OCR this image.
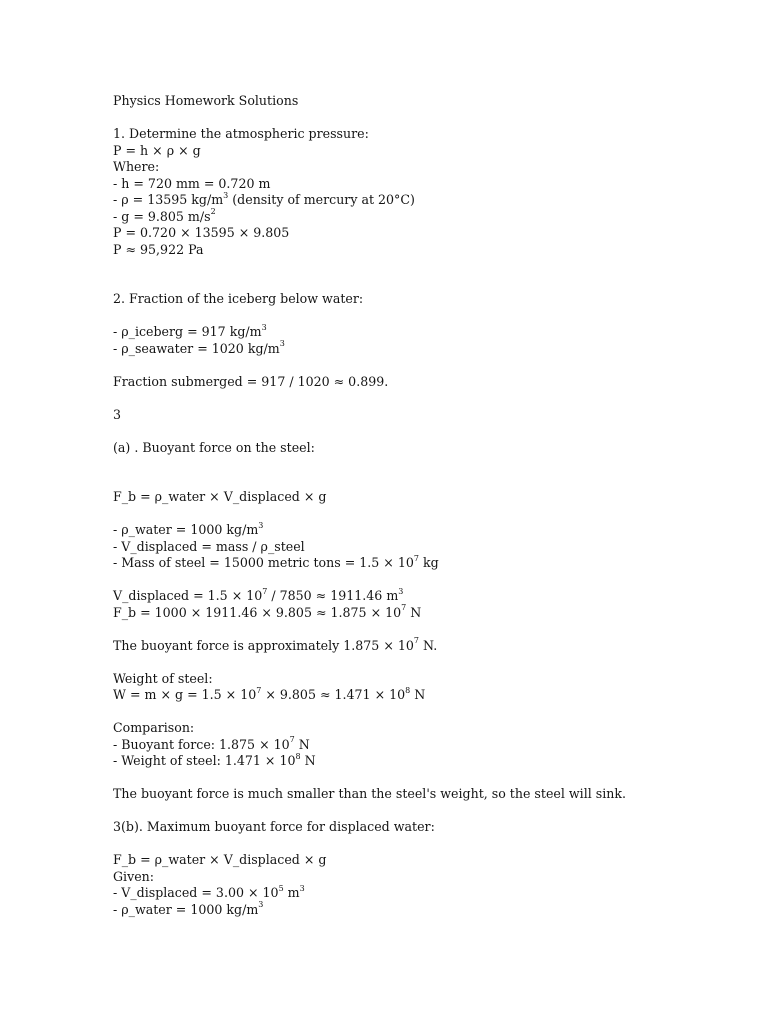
Physics Homework Solutions
1. Determine the atmospheric pressure:
P = h × ρ × g
Where:
- h = 720 mm = 0.720 m
- ρ = 13595 $kg/m^3$ (density of mercury at 20°C)
- g = 9.805 $m/s^2$
P = 0.720 × 13595 × 9.805
P ≈ 95,922 Pa
2. Fraction of the iceberg below water:
- ρ_iceberg = 917 $kg/m^3$
- ρ_seawater = 1020 $kg/m^3$
Fraction submerged = 917 / 1020 ≈ 0.899.
3
(a) . Buoyant force on the steel:
F_b = ρ_water × V_displaced × g
- ρ_water = 1000 $kg/m^3$
- V_displaced = mass / ρ_steel
- Mass of steel = 15000 metric tons = $1.5 \times 10^7$ kg
V_displaced = $1.5 \times 10^7 / 7850 \approx 1911.46$ $m^3$
F_b = $1000 \times 1911.46 \times 9.805 \approx 1.875 \times 10^7$ N
The buoyant force is approximately $1.875 \times 10^7$ N.
Weight of steel:
$W = m \times g = 1.5 \times 10^7 \times 9.805 \approx 1.471 \times 10^8$ N
Comparison:
- Buoyant force: $1.875 \times 10^7$ N
- Weight of steel: $1.471 \times 10^8$ N
The buoyant force is much smaller than the steel's weight, so the steel will sink.
3(b). Maximum buoyant force for displaced water:
F_b = ρ_water × V_displaced × g
Given:
- V_displaced = $3.00 \times 10^5$ $m^3$
- ρ_water = 1000 $kg/m^3$
